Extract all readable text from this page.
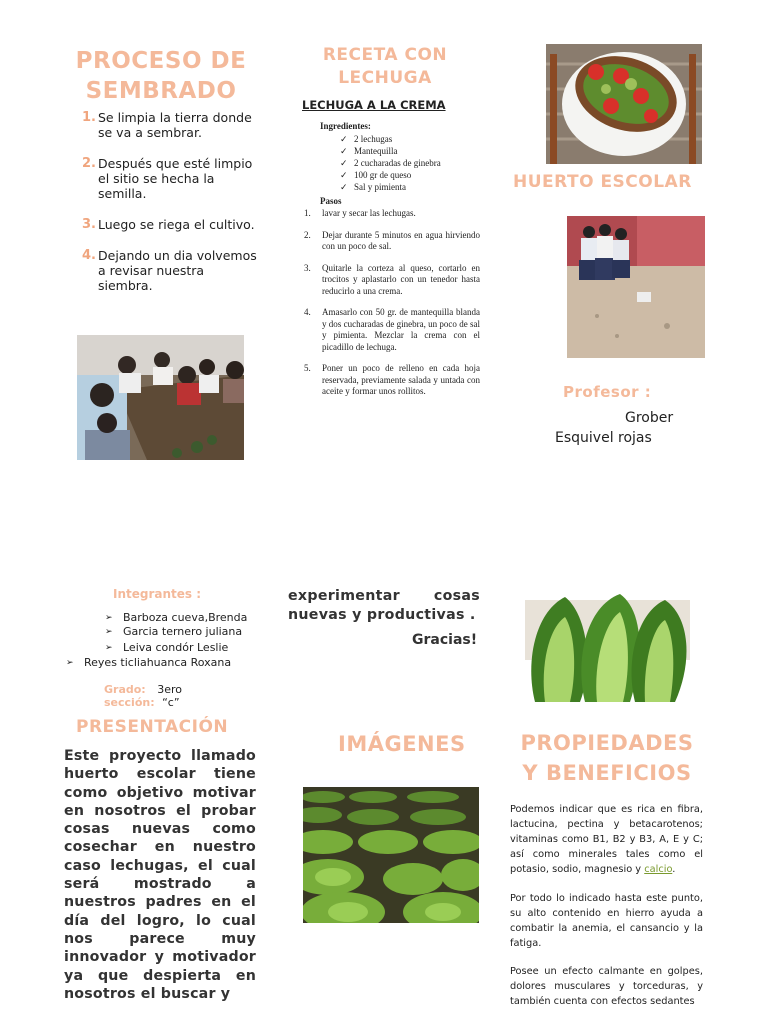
PROCESO DE SEMBRADO
1. Se limpia la tierra donde se va a sembrar.
2. Después que esté limpio el sitio se hecha la semilla.
3. Luego se riega el cultivo.
4. Dejando un dia volvemos a revisar nuestra siembra.
RECETA CON LECHUGA
LECHUGA A LA CREMA
Ingredientes:
✓ 2 lechugas
✓ Mantequilla
✓ 2 cucharadas de ginebra
✓ 100 gr de queso
✓ Sal y pimienta
Pasos
1. lavar y secar las lechugas.
2. Dejar durante 5 minutos en agua hirviendo con un poco de sal.
3. Quitarle la corteza al queso, cortarlo en trocitos y aplastarlo con un tenedor hasta reducirlo a una crema.
4. Amasarlo con 50 gr. de mantequilla blanda y dos cucharadas de ginebra, un poco de sal y pimienta. Mezclar la crema con el picadillo de lechuga.
5. Poner un poco de relleno en cada hoja reservada, previamente salada y untada con aceite y formar unos rollitos.
HUERTO ESCOLAR
Profesor :
Grober
Esquivel rojas
Integrantes :
➢ Barboza cueva,Brenda
➢ Garcia ternero juliana
➢ Leiva condór Leslie
➢ Reyes ticliahuanca Roxana
Grado: 3ero
sección: “c”
PRESENTACIÓN
Este proyecto llamado huerto escolar tiene como objetivo motivar en nosotros el probar cosas nuevas como cosechar en nuestro caso lechugas, el cual será mostrado a nuestros padres en el día del logro, lo cual nos parece muy innovador y motivador ya que despierta en nosotros el buscar y
experimentar cosas nuevas y productivas .
Gracias!
IMÁGENES	PROPIEDADES
Y BENEFICIOS
Podemos indicar que es rica en fibra, lactucina, pectina y betacarotenos; vitaminas como B1, B2 y B3, A, E y C; así como minerales tales como el potasio, sodio, magnesio y calcio.
Por todo lo indicado hasta este punto, su alto contenido en hierro ayuda a combatir la anemia, el cansancio y la fatiga.
Posee un efecto calmante en golpes, dolores musculares y torceduras, y también cuenta con efectos sedantes
